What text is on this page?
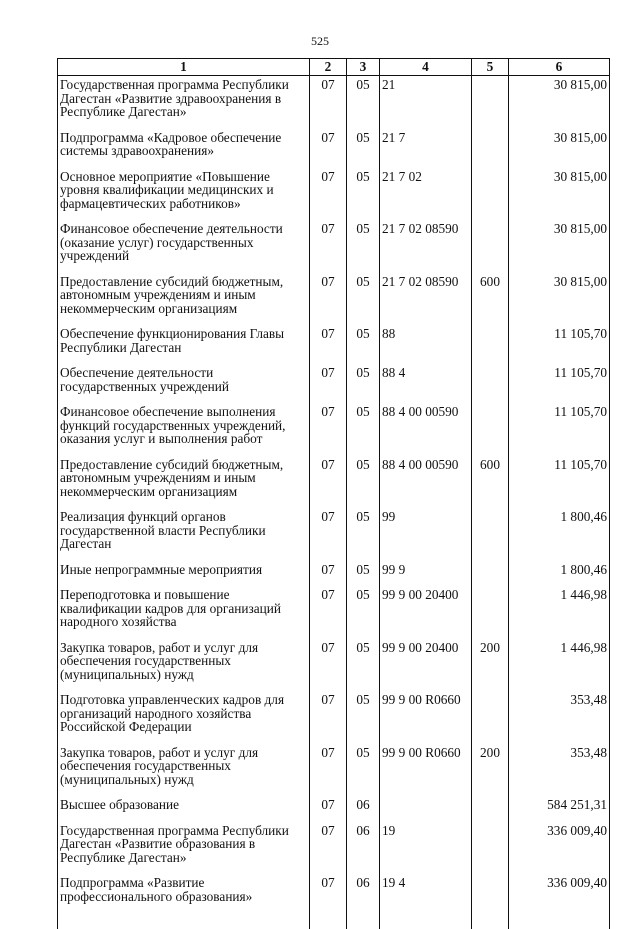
525
1	2	3	4	5	6
Государственная программа Республики Дагестан «Развитие здравоохранения в Республике Дагестан»	07	05	21		30 815,00
Подпрограмма «Кадровое обеспечение системы здравоохранения»	07	05	21 7		30 815,00
Основное мероприятие «Повышение уровня квалификации медицинских и фармацевтических работников»	07	05	21 7 02		30 815,00
Финансовое обеспечение деятельности (оказание услуг) государственных учреждений	07	05	21 7 02 08590		30 815,00
Предоставление субсидий бюджетным, автономным учреждениям и иным некоммерческим организациям	07	05	21 7 02 08590	600	30 815,00
Обеспечение функционирования Главы Республики Дагестан	07	05	88		11 105,70
Обеспечение деятельности государственных учреждений	07	05	88 4		11 105,70
Финансовое обеспечение выполнения функций государственных учреждений, оказания услуг и выполнения работ	07	05	88 4 00 00590		11 105,70
Предоставление субсидий бюджетным, автономным учреждениям и иным некоммерческим организациям	07	05	88 4 00 00590	600	11 105,70
Реализация функций органов государственной власти Республики Дагестан	07	05	99		1 800,46
Иные непрограммные мероприятия	07	05	99 9		1 800,46
Переподготовка и повышение квалификации кадров для организаций народного хозяйства	07	05	99 9 00 20400		1 446,98
Закупка товаров, работ и услуг для обеспечения государственных (муниципальных) нужд	07	05	99 9 00 20400	200	1 446,98
Подготовка управленческих кадров для организаций народного хозяйства Российской Федерации	07	05	99 9 00 R0660		353,48
Закупка товаров, работ и услуг для обеспечения государственных (муниципальных) нужд	07	05	99 9 00 R0660	200	353,48
Высшее образование	07	06			584 251,31
Государственная программа Республики Дагестан «Развитие образования в Республике Дагестан»	07	06	19		336 009,40
Подпрограмма «Развитие профессионального образования»	07	06	19 4		336 009,40
